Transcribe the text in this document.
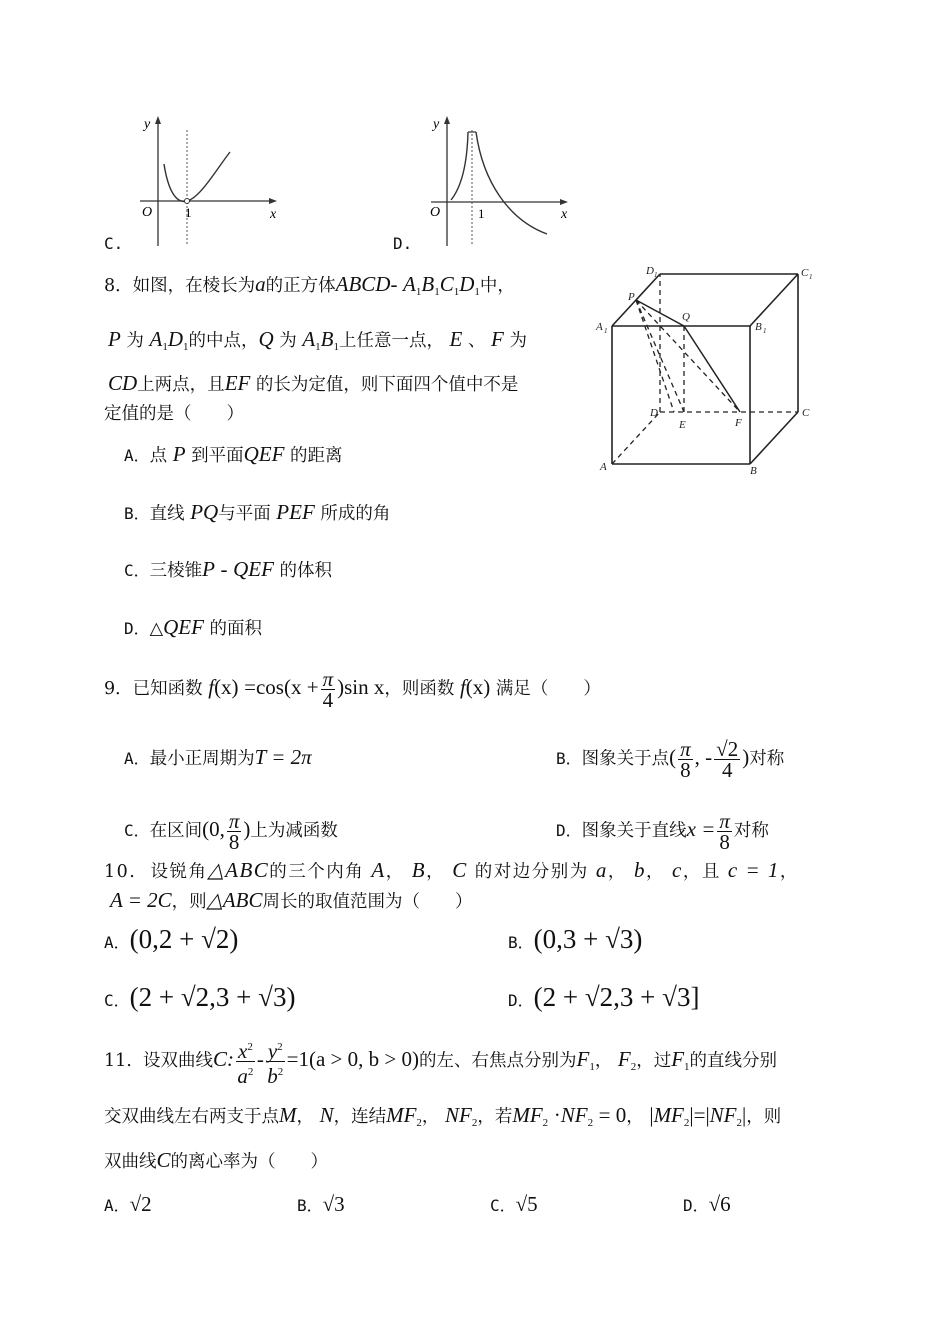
y
x
O	1
C.
y
x
O	1
D.
A	B
C
D
A 1	B 1
C 1
D 1
P
Q
E	F
8．如图，在棱长为a的正方体ABCD- $A_1B_1C_1D_1$中，
P 为 $A_1D_1$的中点，Q 为 $A_1B_1$上任意一点， E 、 F 为
CD上两点，且EF 的长为定值，则下面四个值中不是
定值的是（　　）
A．点 P 到平面QEF 的距离
B．直线 PQ与平面 PEF 所成的角
C．三棱锥P - QEF 的体积
D．△QEF 的面积
9．已知函数 $f(x) =\cos(x + \frac{\pi}{4} )\sin$ x，则函数 f(x) 满足（　　）
A．最小正周期为T = 2π	B．图象关于点( $\frac{\pi}{8}$ , - $\frac{√2}{4}$ )对称
C．在区间(0, $\frac{\pi}{8}$ )上为减函数	D．图象关于直线$x = \frac{\pi}{8}$ 对称
10. 设锐角△ABC的三个内角 A， B， C 的对边分别为 a， b， c，且 c = 1，
A = 2C，则△ABC周长的取值范围为（　　）
A．(0,2 + √2)	B．(0,3 + √3)
C．(2 + √2,3 + √3)	D．(2 + √2,3 + √3]
11. 设双曲线C: $\frac{x^2}{a^2} - \frac{y^2}{b^2} =1(a > 0$, b > 0)的左、右焦点分别为$F_1$， $F_2$，过$F_1$的直线分别
交双曲线左右两支于点M， N，连结$MF_2$， $NF_2$，若$MF_2 \cdot NF_2 = 0$， $|MF_2|=|NF_2|$，则
双曲线C的离心率为（　　）
A．√2	B．√3	C．√5	D．√6
